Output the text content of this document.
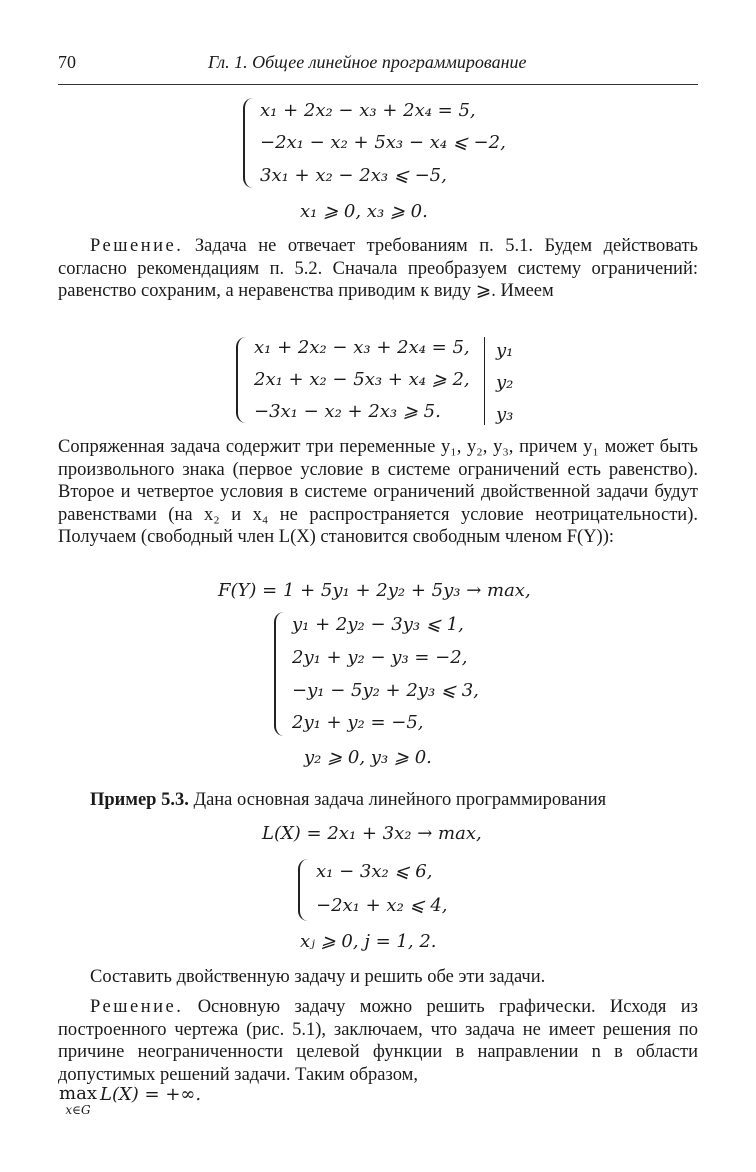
70	Гл. 1. Общее линейное программирование
x₁ + 2x₂ − x₃ + 2x₄ = 5,
−2x₁ − x₂ + 5x₃ − x₄ ⩽ −2,
3x₁ + x₂ − 2x₃ ⩽ −5,
x₁ ⩾ 0, x₃ ⩾ 0.
Решение. Задача не отвечает требованиям п. 5.1. Будем действовать согласно рекомендациям п. 5.2. Сначала преобразуем систему ограничений: равенство сохраним, а неравенства приводим к виду ⩾. Имеем
x₁ + 2x₂ − x₃ + 2x₄ = 5,
2x₁ + x₂ − 5x₃ + x₄ ⩾ 2,
−3x₁ − x₂ + 2x₃ ⩾ 5.
y₁
y₂
y₃
Сопряженная задача содержит три переменные y₁, y₂, y₃, причем y₁ может быть произвольного знака (первое условие в системе ограничений есть равенство). Второе и четвертое условия в системе ограничений двойственной задачи будут равенствами (на x₂ и x₄ не распространяется условие неотрицательности). Получаем (свободный член L(X) становится свободным членом F(Y)):
F(Y) = 1 + 5y₁ + 2y₂ + 5y₃ → max,
y₁ + 2y₂ − 3y₃ ⩽ 1,
2y₁ + y₂ − y₃ = −2,
−y₁ − 5y₂ + 2y₃ ⩽ 3,
2y₁ + y₂ = −5,
y₂ ⩾ 0, y₃ ⩾ 0.
Пример 5.3. Дана основная задача линейного программирования
L(X) = 2x₁ + 3x₂ → max,
x₁ − 3x₂ ⩽ 6,
−2x₁ + x₂ ⩽ 4,
xⱼ ⩾ 0, j = 1, 2.
Составить двойственную задачу и решить обе эти задачи.
Решение. Основную задачу можно решить графически. Исходя из построенного чертежа (рис. 5.1), заключаем, что задача не имеет решения по причине неограниченности целевой функции в направлении n в области допустимых решений задачи. Таким образом,
max
x∈G
L(X) = +∞.
